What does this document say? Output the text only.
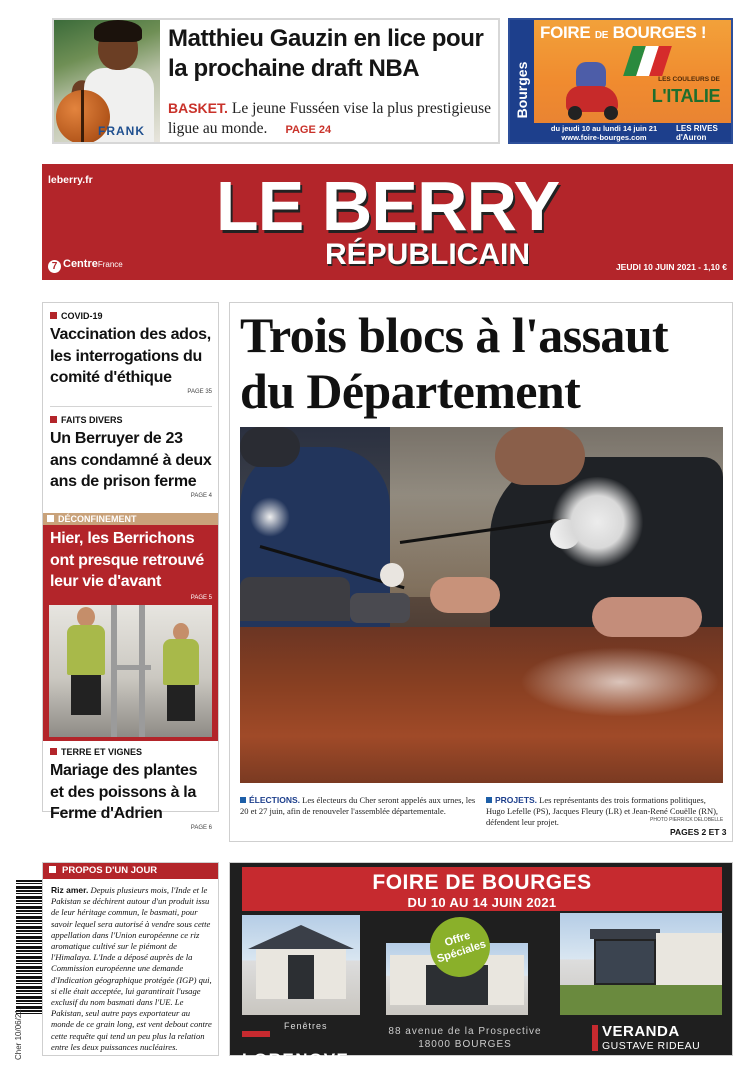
FRANK
Matthieu Gauzin en lice pour la prochaine draft NBA
BASKET. Le jeune Fusséen vise la plus prestigieuse ligue au monde. PAGE 24
Bourges
FOIRE DE BOURGES !
LES COULEURS DE
L'ITALIE
du jeudi 10 au lundi 14 juin 21
www.foire-bourges.com
LES RIVES d'Auron
leberry.fr	LE BERRY
RÉPUBLICAIN
7 CentreFrance	JEUDI 10 JUIN 2021 - 1,10 €
COVID-19
Vaccination des ados, les interrogations du comité d'éthique
PAGE 35
FAITS DIVERS
Un Berruyer de 23 ans condamné à deux ans de prison ferme
PAGE 4
DÉCONFINEMENT
Hier, les Berrichons ont presque retrouvé leur vie d'avant
PAGE 5
TERRE ET VIGNES
Mariage des plantes et des poissons à la Ferme d'Adrien
PAGE 6
Trois blocs à l'assaut du Département
ÉLECTIONS. Les électeurs du Cher seront appelés aux urnes, les 20 et 27 juin, afin de renouveler l'assemblée départementale.
PROJETS. Les représentants des trois formations politiques, Hugo Lefelle (PS), Jacques Fleury (LR) et Jean-René Couëlle (RN), défendent leur projet.	PHOTO PIERRICK DELOBELLE
PAGES 2 ET 3
Cher 10/06/21
PROPOS D'UN JOUR
Riz amer. Depuis plusieurs mois, l'Inde et le Pakistan se déchirent autour d'un produit issu de leur héritage commun, le basmati, pour savoir lequel sera autorisé à vendre sous cette appellation dans l'Union européenne ce riz aromatique cultivé sur le piémont de l'Himalaya. L'Inde a déposé auprès de la Commission européenne une demande d'Indication géographique protégée (IGP) qui, si elle était acceptée, lui garantirait l'usage exclusif du nom basmati dans l'UE. Le Pakistan, seul autre pays exportateur au monde de ce grain long, est vent debout contre cette requête qui tend un peu plus la relation entre les deux puissances nucléaires.
FOIRE DE BOURGES
DU 10 AU 14 JUIN 2021
Offre Spéciales
Fenêtres
LORENOVE
88 avenue de la Prospective
18000 BOURGES
VERANDA
GUSTAVE RIDEAU
